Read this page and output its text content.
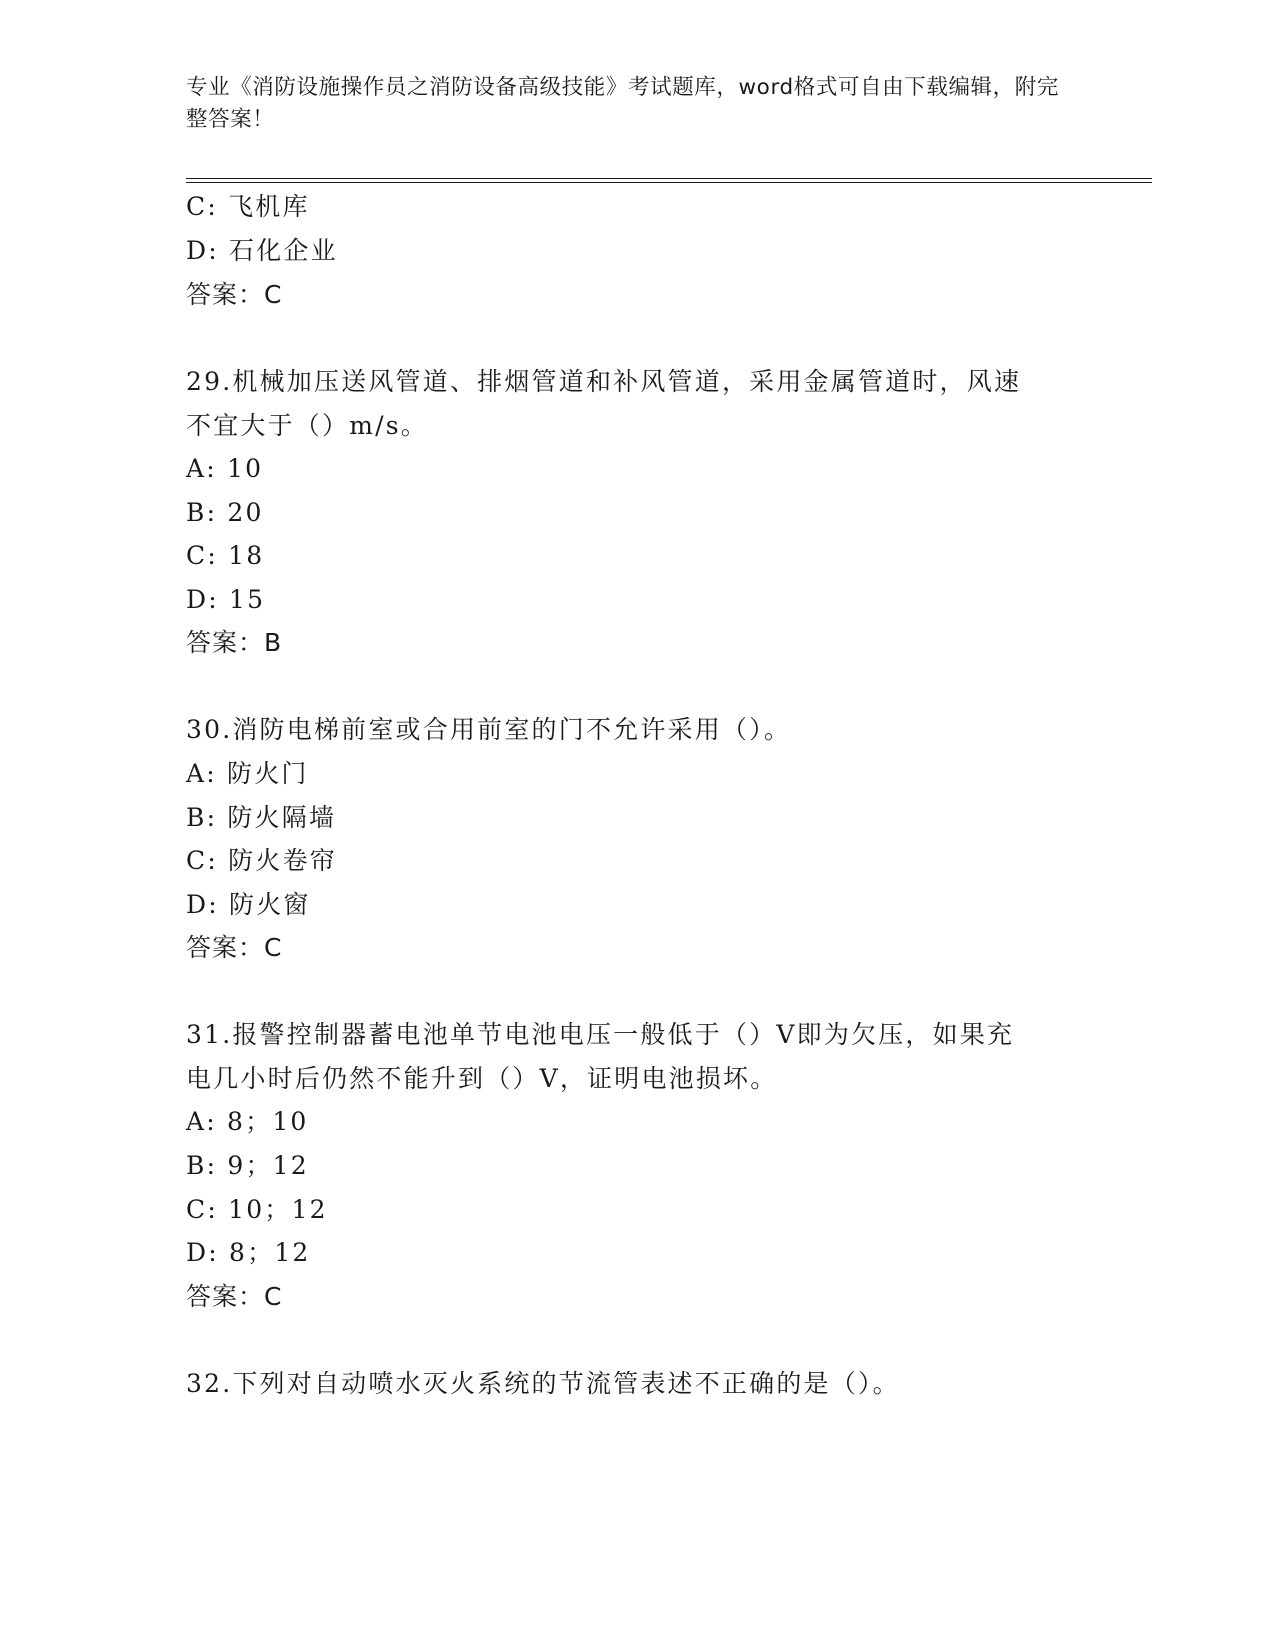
专业《消防设施操作员之消防设备高级技能》考试题库，word格式可自由下载编辑，附完整答案！

C: 飞机库
D: 石化企业
答案：C
29.机械加压送风管道、排烟管道和补风管道，采用金属管道时，风速
不宜大于（）m/s。
A: 10
B: 20
C: 18
D: 15
答案：B
30.消防电梯前室或合用前室的门不允许采用（）。
A: 防火门
B: 防火隔墙
C: 防火卷帘
D: 防火窗
答案：C
31.报警控制器蓄电池单节电池电压一般低于（）V即为欠压，如果充
电几小时后仍然不能升到（）V，证明电池损坏。
A: 8；10
B: 9；12
C: 10；12
D: 8；12
答案：C
32.下列对自动喷水灭火系统的节流管表述不正确的是（）。
